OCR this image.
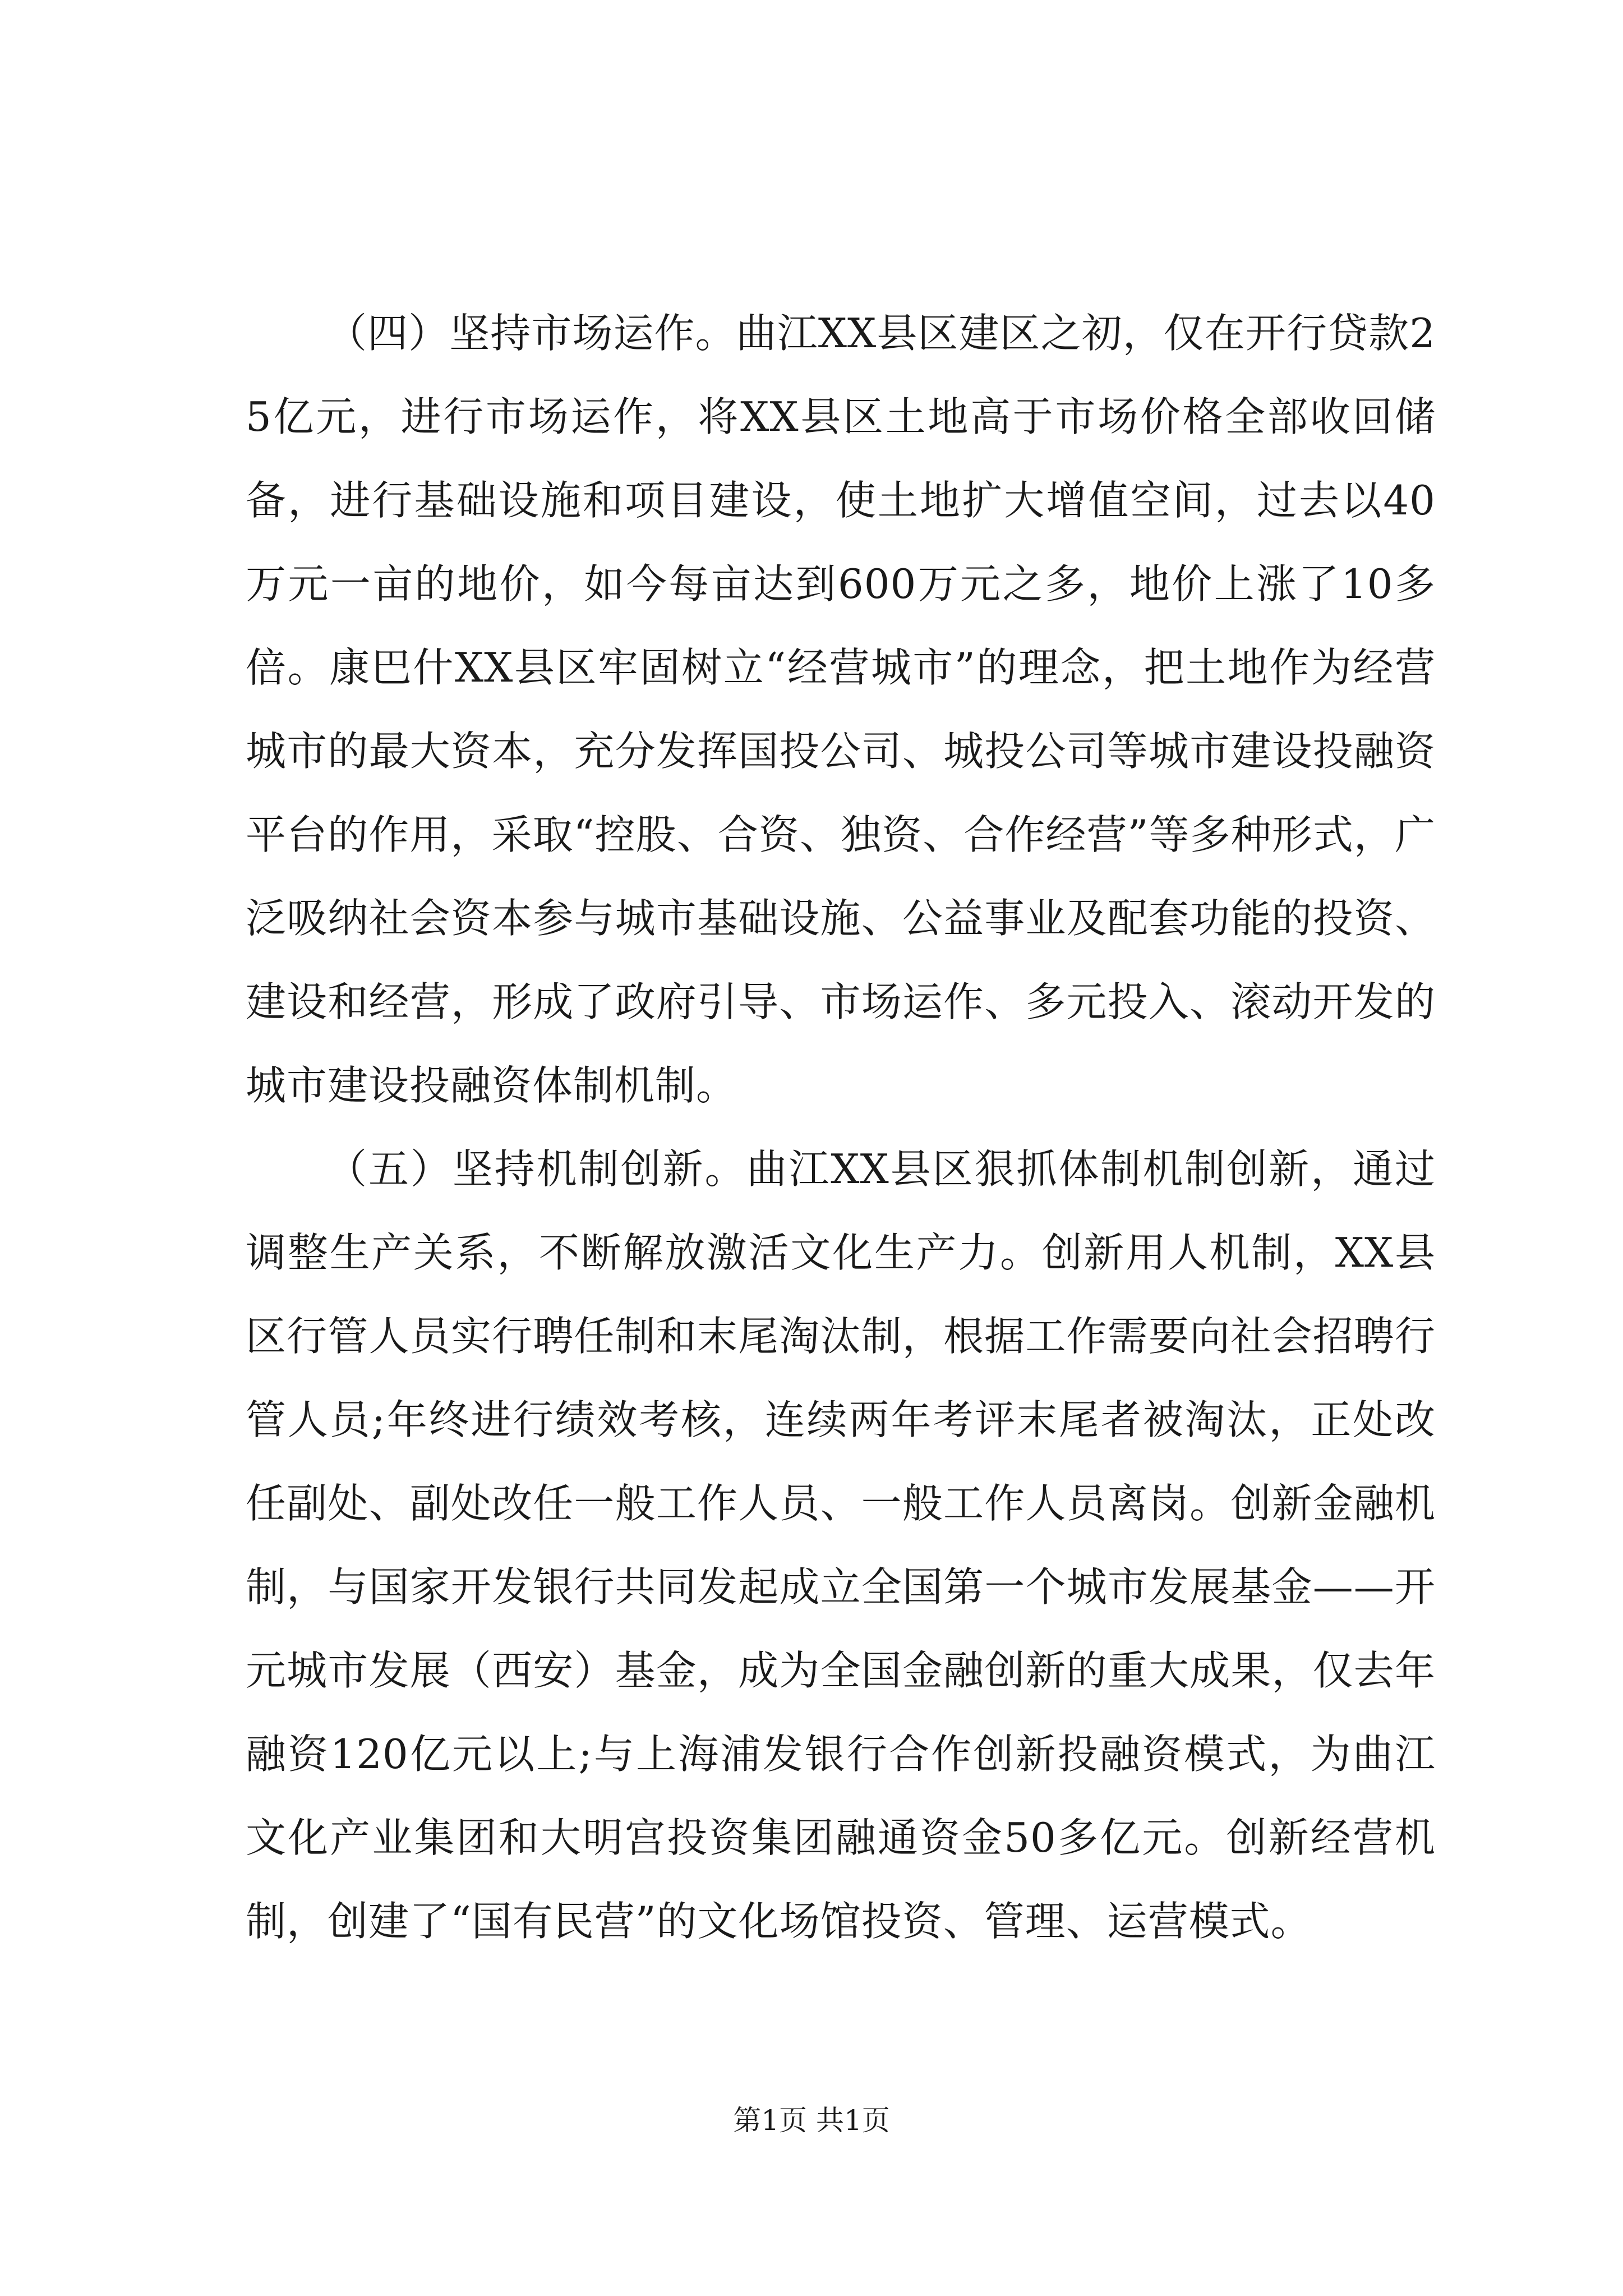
（四）坚持市场运作。曲江XX县区建区之初，仅在开行贷款25亿元，进行市场运作，将XX县区土地高于市场价格全部收回储备，进行基础设施和项目建设，使土地扩大增值空间，过去以40万元一亩的地价，如今每亩达到600万元之多，地价上涨了10多倍。康巴什XX县区牢固树立“经营城市”的理念，把土地作为经营城市的最大资本，充分发挥国投公司、城投公司等城市建设投融资平台的作用，采取“控股、合资、独资、合作经营”等多种形式，广泛吸纳社会资本参与城市基础设施、公益事业及配套功能的投资、建设和经营，形成了政府引导、市场运作、多元投入、滚动开发的城市建设投融资体制机制。

（五）坚持机制创新。曲江XX县区狠抓体制机制创新，通过调整生产关系，不断解放激活文化生产力。创新用人机制，XX县区行管人员实行聘任制和末尾淘汰制，根据工作需要向社会招聘行管人员;年终进行绩效考核，连续两年考评末尾者被淘汰，正处改任副处、副处改任一般工作人员、一般工作人员离岗。创新金融机制，与国家开发银行共同发起成立全国第一个城市发展基金——开元城市发展（西安）基金，成为全国金融创新的重大成果，仅去年融资120亿元以上;与上海浦发银行合作创新投融资模式，为曲江文化产业集团和大明宫投资集团融通资金50多亿元。创新经营机制，创建了“国有民营”的文化场馆投资、管理、运营模式。

第1页 共1页
